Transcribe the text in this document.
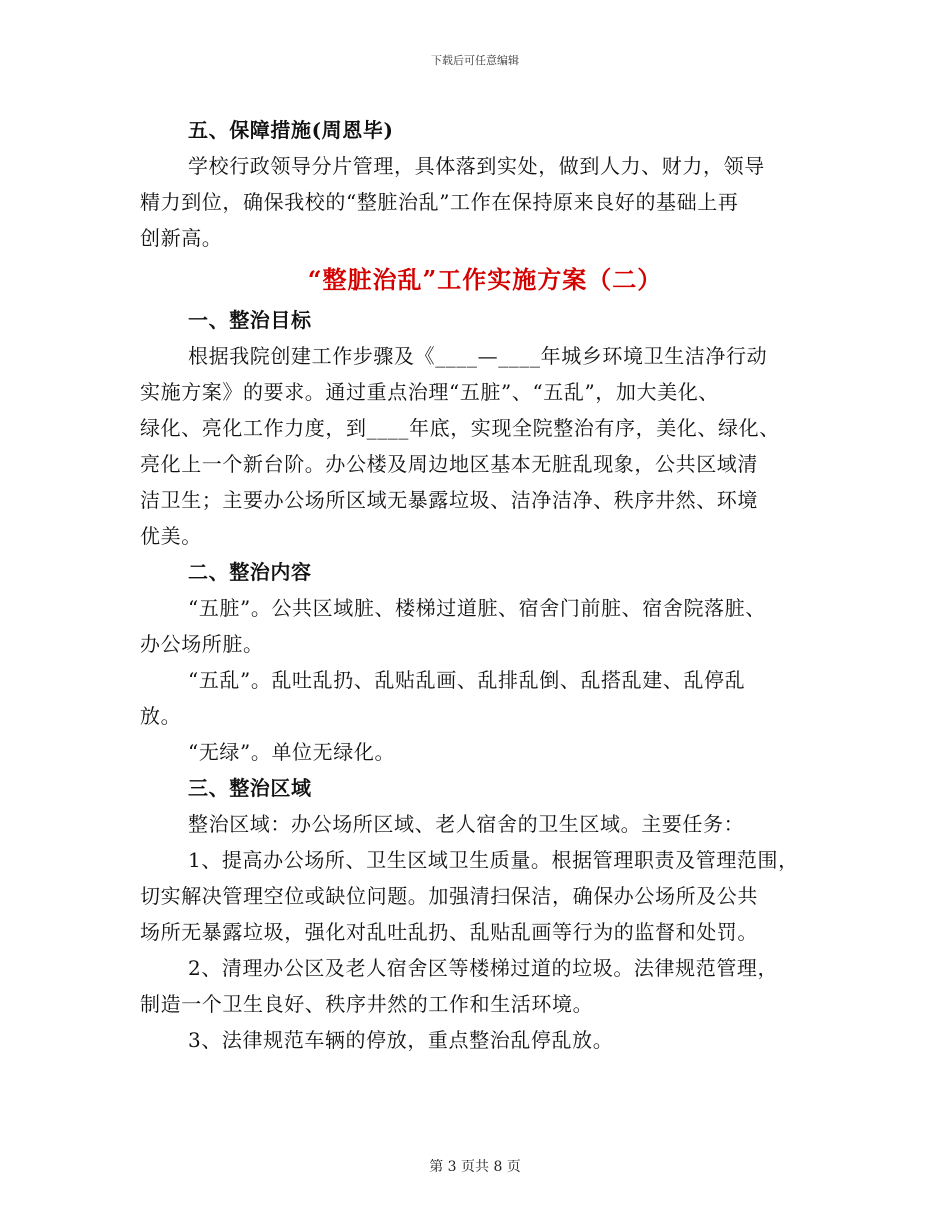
下载后可任意编辑
五、保障措施(周恩毕)
学校行政领导分片管理，具体落到实处，做到人力、财力，领导
精力到位，确保我校的“整脏治乱”工作在保持原来良好的基础上再
创新高。
“整脏治乱”工作实施方案（二）
一、整治目标
根据我院创建工作步骤及《____—____年城乡环境卫生洁净行动
实施方案》的要求。通过重点治理“五脏”、“五乱”，加大美化、
绿化、亮化工作力度，到____年底，实现全院整治有序，美化、绿化、
亮化上一个新台阶。办公楼及周边地区基本无脏乱现象，公共区域清
洁卫生；主要办公场所区域无暴露垃圾、洁净洁净、秩序井然、环境
优美。
二、整治内容
“五脏”。公共区域脏、楼梯过道脏、宿舍门前脏、宿舍院落脏、
办公场所脏。
“五乱”。乱吐乱扔、乱贴乱画、乱排乱倒、乱搭乱建、乱停乱
放。
“无绿”。单位无绿化。
三、整治区域
整治区域：办公场所区域、老人宿舍的卫生区域。主要任务：
1、提高办公场所、卫生区域卫生质量。根据管理职责及管理范围，
切实解决管理空位或缺位问题。加强清扫保洁，确保办公场所及公共
场所无暴露垃圾，强化对乱吐乱扔、乱贴乱画等行为的监督和处罚。
2、清理办公区及老人宿舍区等楼梯过道的垃圾。法律规范管理，
制造一个卫生良好、秩序井然的工作和生活环境。
3、法律规范车辆的停放，重点整治乱停乱放。
第 3 页共 8 页
